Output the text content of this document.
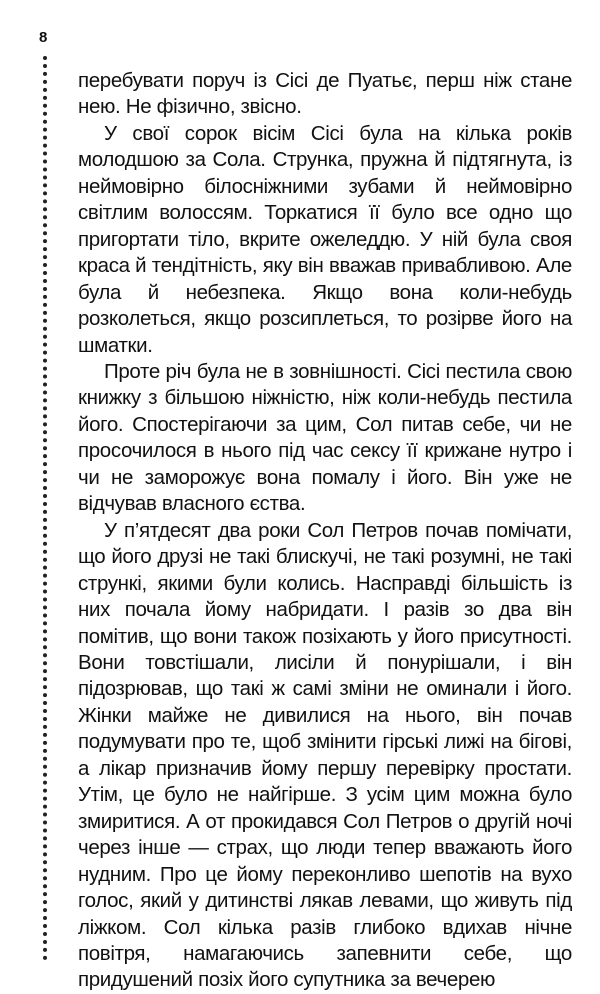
8

перебувати поруч із Сісі де Пуатьє, перш ніж стане нею. Не фізично, звісно.

У свої сорок вісім Сісі була на кілька років молодшою за Сола. Струнка, пружна й підтягнута, із неймовірно білосніжними зубами й неймовірно світлим волоссям. Торкатися її було все одно що пригортати тіло, вкрите ожеледдю. У ній була своя краса й тендітність, яку він вважав привабливою. Але була й небезпека. Якщо вона коли-небудь розколеться, якщо розсиплеться, то розірве його на шматки.

Проте річ була не в зовнішності. Сісі пестила свою книжку з більшою ніжністю, ніж коли-небудь пестила його. Спостерігаючи за цим, Сол питав себе, чи не просочилося в нього під час сексу її крижане нутро і чи не заморожує вона помалу і його. Він уже не відчував власного єства.

У п’ятдесят два роки Сол Петров почав помічати, що його друзі не такі блискучі, не такі розумні, не такі стрункі, якими були колись. Насправді більшість із них почала йому набридати. І разів зо два він помітив, що вони також позіхають у його присутності. Вони товстішали, лисіли й понурішали, і він підозрював, що такі ж самі зміни не оминали і його. Жінки майже не дивилися на нього, він почав подумувати про те, щоб змінити гірські лижі на бігові, а лікар призначив йому першу перевірку простати. Утім, це було не найгірше. З усім цим можна було змиритися. А от прокидався Сол Петров о другій ночі через інше — страх, що люди тепер вважають його нудним. Про це йому переконливо шепотів на вухо голос, який у дитинстві лякав левами, що живуть під ліжком. Сол кілька разів глибоко вдихав нічне повітря, намагаючись запевнити себе, що придушений позіх його супутника за вечерею
